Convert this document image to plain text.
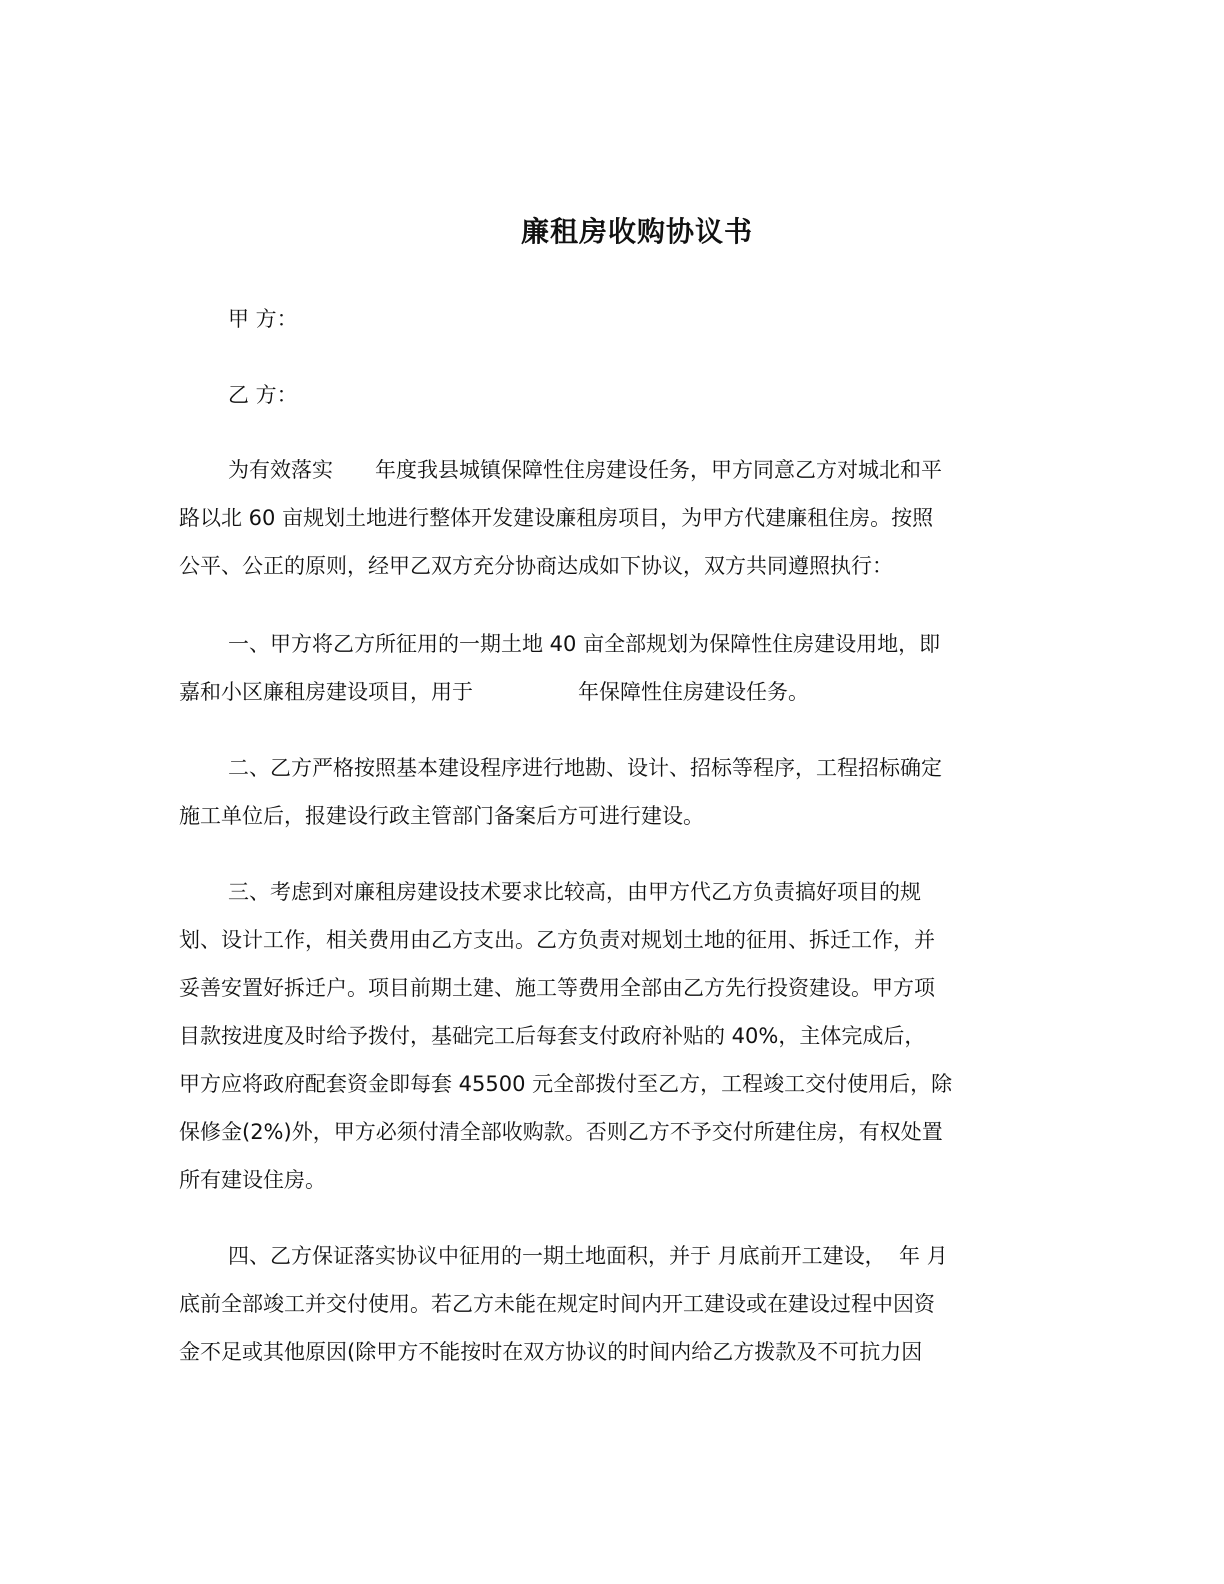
廉租房收购协议书

甲 方：

乙 方：

为有效落实　　年度我县城镇保障性住房建设任务，甲方同意乙方对城北和平
路以北 60 亩规划土地进行整体开发建设廉租房项目，为甲方代建廉租住房。按照
公平、公正的原则，经甲乙双方充分协商达成如下协议，双方共同遵照执行：
一、甲方将乙方所征用的一期土地 40 亩全部规划为保障性住房建设用地，即
嘉和小区廉租房建设项目，用于　　　　　年保障性住房建设任务。
二、乙方严格按照基本建设程序进行地勘、设计、招标等程序，工程招标确定
施工单位后，报建设行政主管部门备案后方可进行建设。
三、考虑到对廉租房建设技术要求比较高，由甲方代乙方负责搞好项目的规
划、设计工作，相关费用由乙方支出。乙方负责对规划土地的征用、拆迁工作，并
妥善安置好拆迁户。项目前期土建、施工等费用全部由乙方先行投资建设。甲方项
目款按进度及时给予拨付，基础完工后每套支付政府补贴的 40%，主体完成后，
甲方应将政府配套资金即每套 45500 元全部拨付至乙方，工程竣工交付使用后，除
保修金(2%)外，甲方必须付清全部收购款。否则乙方不予交付所建住房，有权处置
所有建设住房。
四、乙方保证落实协议中征用的一期土地面积，并于 月底前开工建设，  年 月
底前全部竣工并交付使用。若乙方未能在规定时间内开工建设或在建设过程中因资
金不足或其他原因(除甲方不能按时在双方协议的时间内给乙方拨款及不可抗力因
